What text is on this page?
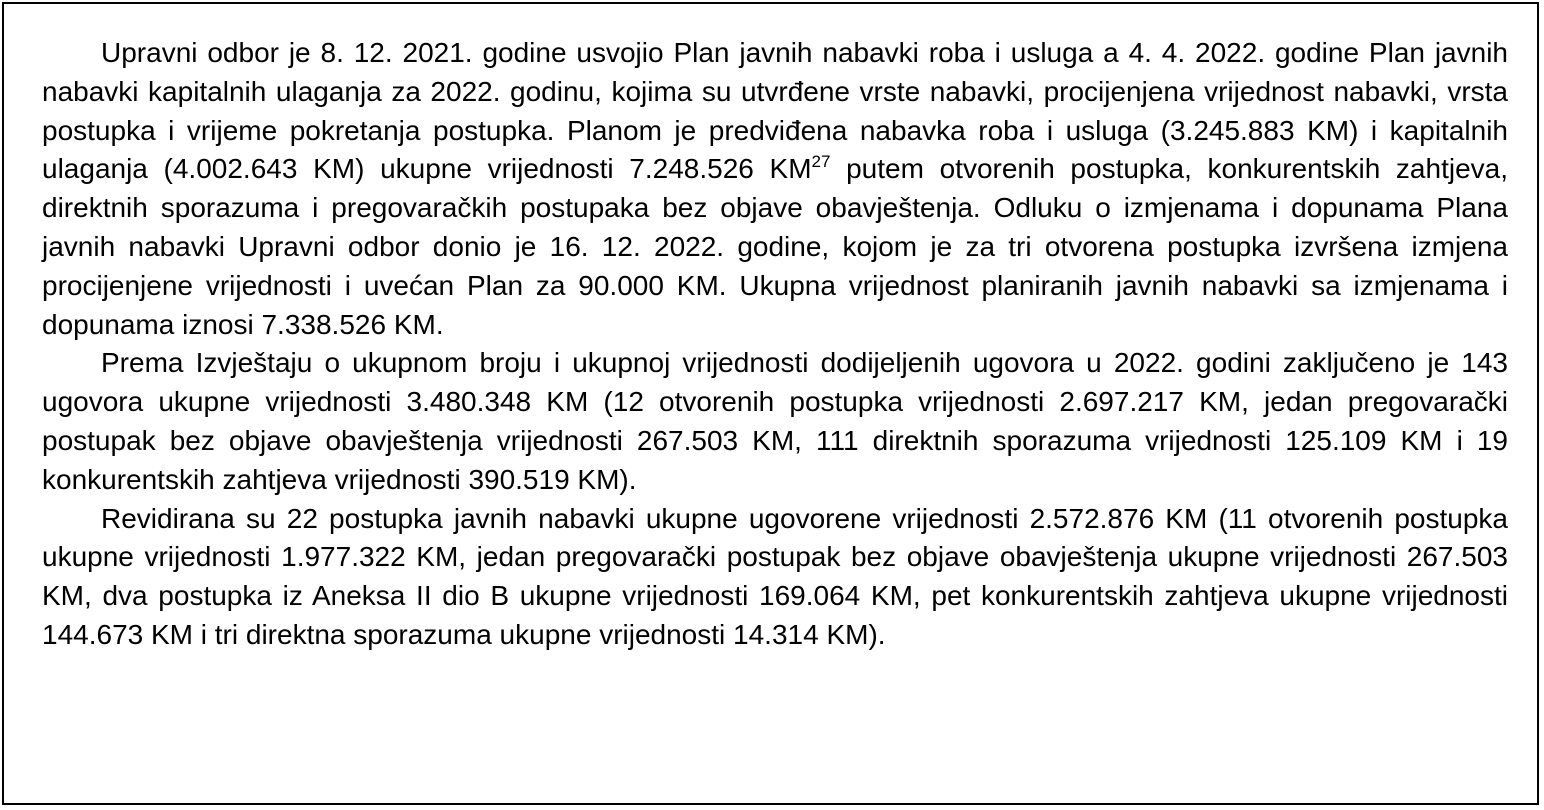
Upravni odbor je 8. 12. 2021. godine usvojio Plan javnih nabavki roba i usluga a 4. 4. 2022. godine Plan javnih nabavki kapitalnih ulaganja za 2022. godinu, kojima su utvrđene vrste nabavki, procijenjena vrijednost nabavki, vrsta postupka i vrijeme pokretanja postupka. Planom je predviđena nabavka roba i usluga (3.245.883 KM) i kapitalnih ulaganja (4.002.643 KM) ukupne vrijednosti 7.248.526 KM$^{27}$ putem otvorenih postupka, konkurentskih zahtjeva, direktnih sporazuma i pregovaračkih postupaka bez objave obavještenja. Odluku o izmjenama i dopunama Plana javnih nabavki Upravni odbor donio je 16. 12. 2022. godine, kojom je za tri otvorena postupka izvršena izmjena procijenjene vrijednosti i uvećan Plan za 90.000 KM. Ukupna vrijednost planiranih javnih nabavki sa izmjenama i dopunama iznosi 7.338.526 KM.

Prema Izvještaju o ukupnom broju i ukupnoj vrijednosti dodijeljenih ugovora u 2022. godini zaključeno je 143 ugovora ukupne vrijednosti 3.480.348 KM (12 otvorenih postupka vrijednosti 2.697.217 KM, jedan pregovarački postupak bez objave obavještenja vrijednosti 267.503 KM, 111 direktnih sporazuma vrijednosti 125.109 KM i 19 konkurentskih zahtjeva vrijednosti 390.519 KM).

Revidirana su 22 postupka javnih nabavki ukupne ugovorene vrijednosti 2.572.876 KM (11 otvorenih postupka ukupne vrijednosti 1.977.322 KM, jedan pregovarački postupak bez objave obavještenja ukupne vrijednosti 267.503 KM, dva postupka iz Aneksa II dio B ukupne vrijednosti 169.064 KM, pet konkurentskih zahtjeva ukupne vrijednosti 144.673 KM i tri direktna sporazuma ukupne vrijednosti 14.314 KM).
